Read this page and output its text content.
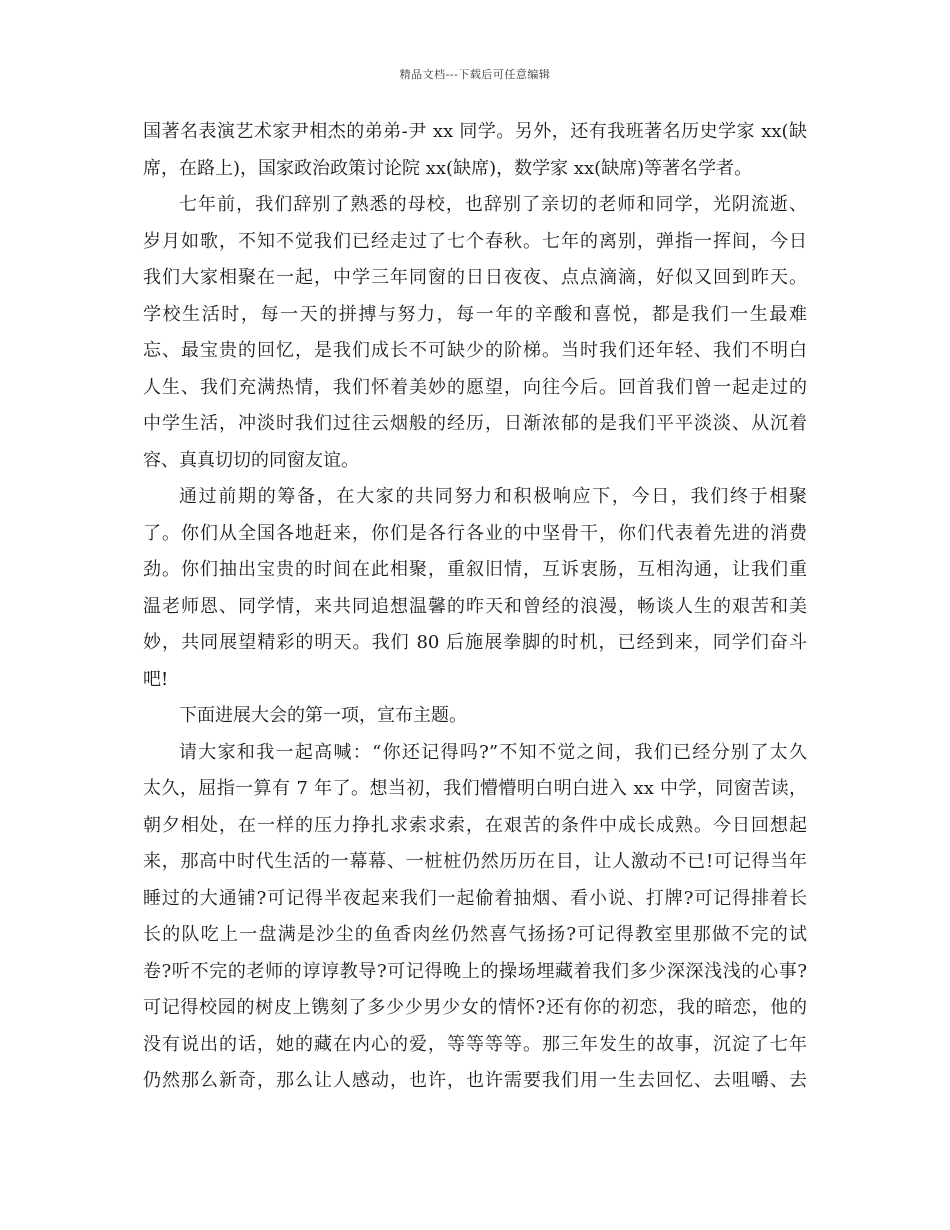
精品文档---下载后可任意编辑
国著名表演艺术家尹相杰的弟弟-尹 xx 同学。另外，还有我班著名历史学家 xx(缺
席，在路上)，国家政治政策讨论院 xx(缺席)，数学家 xx(缺席)等著名学者。
七年前，我们辞别了熟悉的母校，也辞别了亲切的老师和同学，光阴流逝、
岁月如歌，不知不觉我们已经走过了七个春秋。七年的离别，弹指一挥间，今日
我们大家相聚在一起，中学三年同窗的日日夜夜、点点滴滴，好似又回到昨天。
学校生活时，每一天的拼搏与努力，每一年的辛酸和喜悦，都是我们一生最难
忘、最宝贵的回忆，是我们成长不可缺少的阶梯。当时我们还年轻、我们不明白
人生、我们充满热情，我们怀着美妙的愿望，向往今后。回首我们曾一起走过的
中学生活，冲淡时我们过往云烟般的经历，日渐浓郁的是我们平平淡淡、从沉着
容、真真切切的同窗友谊。
通过前期的筹备，在大家的共同努力和积极响应下，今日，我们终于相聚
了。你们从全国各地赶来，你们是各行各业的中坚骨干，你们代表着先进的消费
劲。你们抽出宝贵的时间在此相聚，重叙旧情，互诉衷肠，互相沟通，让我们重
温老师恩、同学情，来共同追想温馨的昨天和曾经的浪漫，畅谈人生的艰苦和美
妙，共同展望精彩的明天。我们 80 后施展拳脚的时机，已经到来，同学们奋斗
吧!
下面进展大会的第一项，宣布主题。
请大家和我一起高喊：“你还记得吗?”不知不觉之间，我们已经分别了太久
太久，屈指一算有 7 年了。想当初，我们懵懵明白明白进入 xx 中学，同窗苦读，
朝夕相处，在一样的压力挣扎求索求索，在艰苦的条件中成长成熟。今日回想起
来，那高中时代生活的一幕幕、一桩桩仍然历历在目，让人激动不已!可记得当年
睡过的大通铺?可记得半夜起来我们一起偷着抽烟、看小说、打牌?可记得排着长
长的队吃上一盘满是沙尘的鱼香肉丝仍然喜气扬扬?可记得教室里那做不完的试
卷?听不完的老师的谆谆教导?可记得晚上的操场埋藏着我们多少深深浅浅的心事?
可记得校园的树皮上镌刻了多少少男少女的情怀?还有你的初恋，我的暗恋，他的
没有说出的话，她的藏在内心的爱，等等等等。那三年发生的故事，沉淀了七年
仍然那么新奇，那么让人感动，也许，也许需要我们用一生去回忆、去咀嚼、去
